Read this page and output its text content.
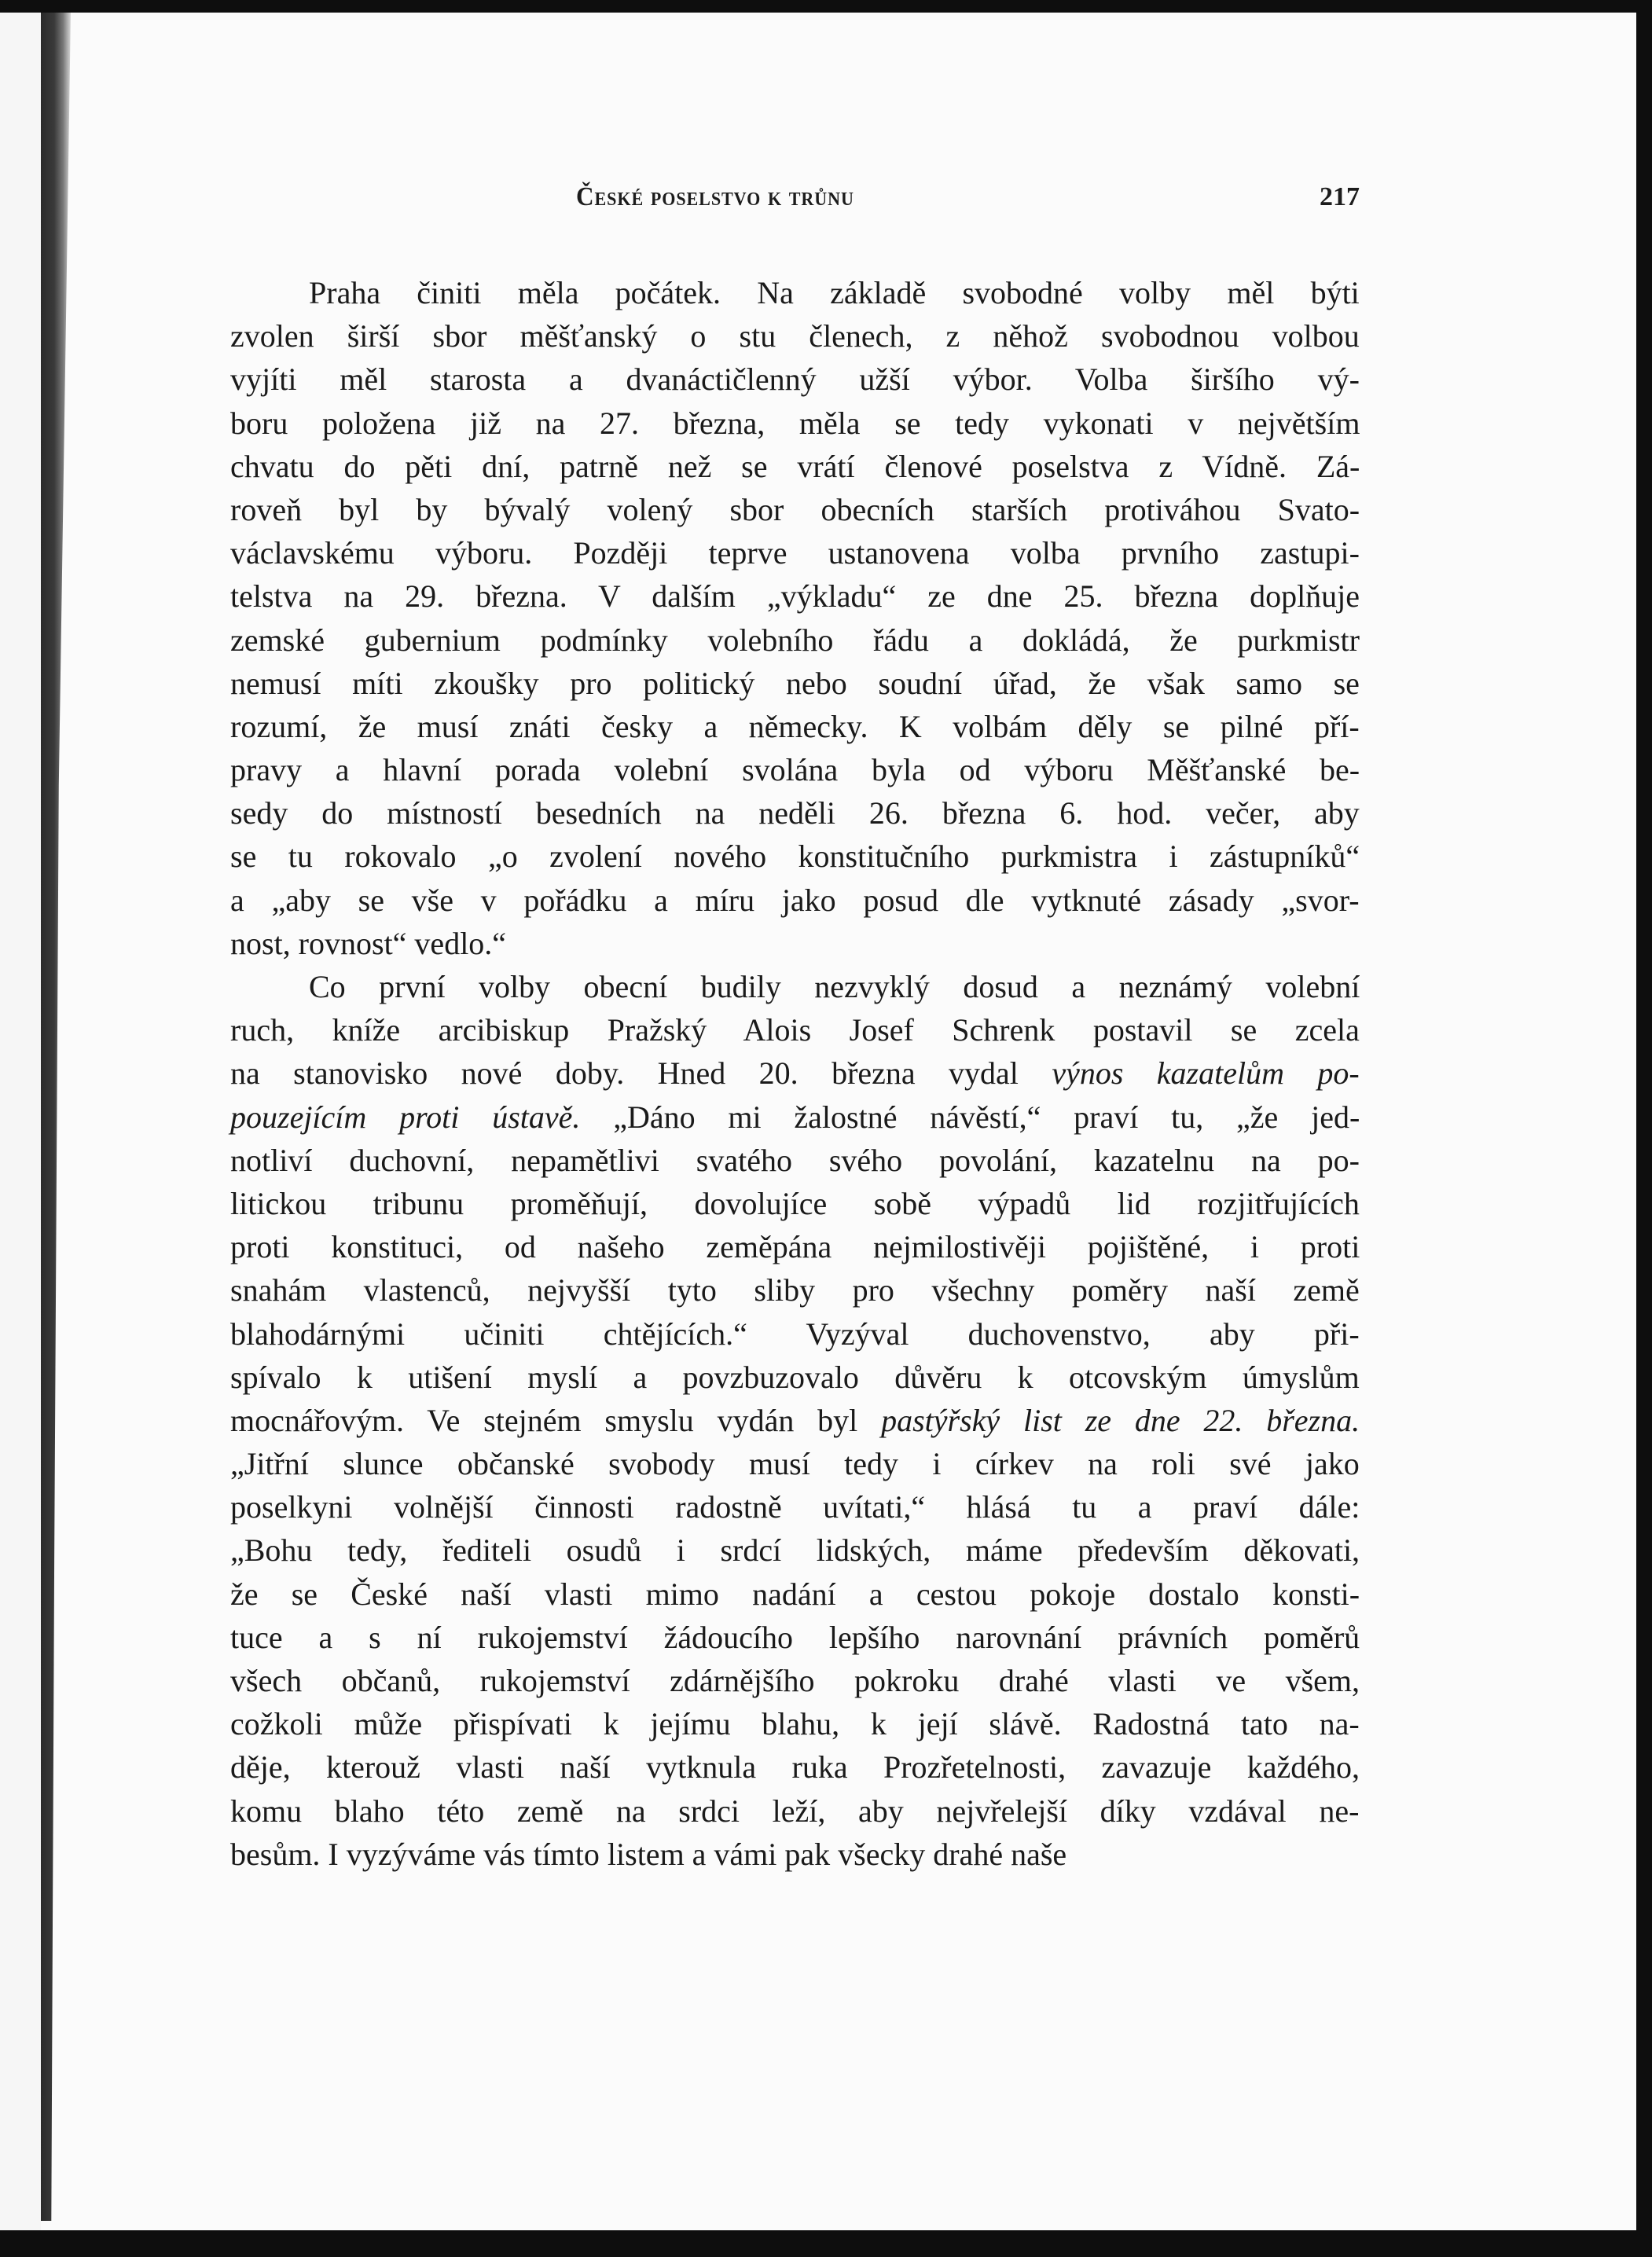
České poselstvo k trůnu	217
Praha činiti měla počátek. Na základě svobodné volby měl býti
zvolen širší sbor měšťanský o stu členech, z něhož svobodnou volbou
vyjíti měl starosta a dvanáctičlenný užší výbor. Volba širšího vý-
boru položena již na 27. března, měla se tedy vykonati v největším
chvatu do pěti dní, patrně než se vrátí členové poselstva z Vídně. Zá-
roveň byl by bývalý volený sbor obecních starších protiváhou Svato-
václavskému výboru. Později teprve ustanovena volba prvního zastupi-
telstva na 29. března. V dalším „výkladu“ ze dne 25. března doplňuje
zemské gubernium podmínky volebního řádu a dokládá, že purkmistr
nemusí míti zkoušky pro politický nebo soudní úřad, že však samo se
rozumí, že musí znáti česky a německy. K volbám děly se pilné pří-
pravy a hlavní porada volební svolána byla od výboru Měšťanské be-
sedy do místností besedních na neděli 26. března 6. hod. večer, aby
se tu rokovalo „o zvolení nového konstitučního purkmistra i zástupníků“
a „aby se vše v pořádku a míru jako posud dle vytknuté zásady „svor-
nost, rovnost“ vedlo.“
Co první volby obecní budily nezvyklý dosud a neznámý volební
ruch, kníže arcibiskup Pražský Alois Josef Schrenk postavil se zcela
na stanovisko nové doby. Hned 20. března vydal výnos kazatelům po-
pouzejícím proti ústavě. „Dáno mi žalostné návěstí,“ praví tu, „že jed-
notliví duchovní, nepamětlivi svatého svého povolání, kazatelnu na po-
litickou tribunu proměňují, dovolujíce sobě výpadů lid rozjitřujících
proti konstituci, od našeho zeměpána nejmilostivěji pojištěné, i proti
snahám vlastenců, nejvyšší tyto sliby pro všechny poměry naší země
blahodárnými učiniti chtějících.“ Vyzýval duchovenstvo, aby při-
spívalo k utišení myslí a povzbuzovalo důvěru k otcovským úmyslům
mocnářovým. Ve stejném smyslu vydán byl pastýřský list ze dne 22. března.
„Jitřní slunce občanské svobody musí tedy i církev na roli své jako
poselkyni volnější činnosti radostně uvítati,“ hlásá tu a praví dále:
„Bohu tedy, řediteli osudů i srdcí lidských, máme především děkovati,
že se České naší vlasti mimo nadání a cestou pokoje dostalo konsti-
tuce a s ní rukojemství žádoucího lepšího narovnání právních poměrů
všech občanů, rukojemství zdárnějšího pokroku drahé vlasti ve všem,
cožkoli může přispívati k jejímu blahu, k její slávě. Radostná tato na-
děje, kterouž vlasti naší vytknula ruka Prozřetelnosti, zavazuje každého,
komu blaho této země na srdci leží, aby nejvřelejší díky vzdával ne-
besům. I vyzýváme vás tímto listem a vámi pak všecky drahé naše
